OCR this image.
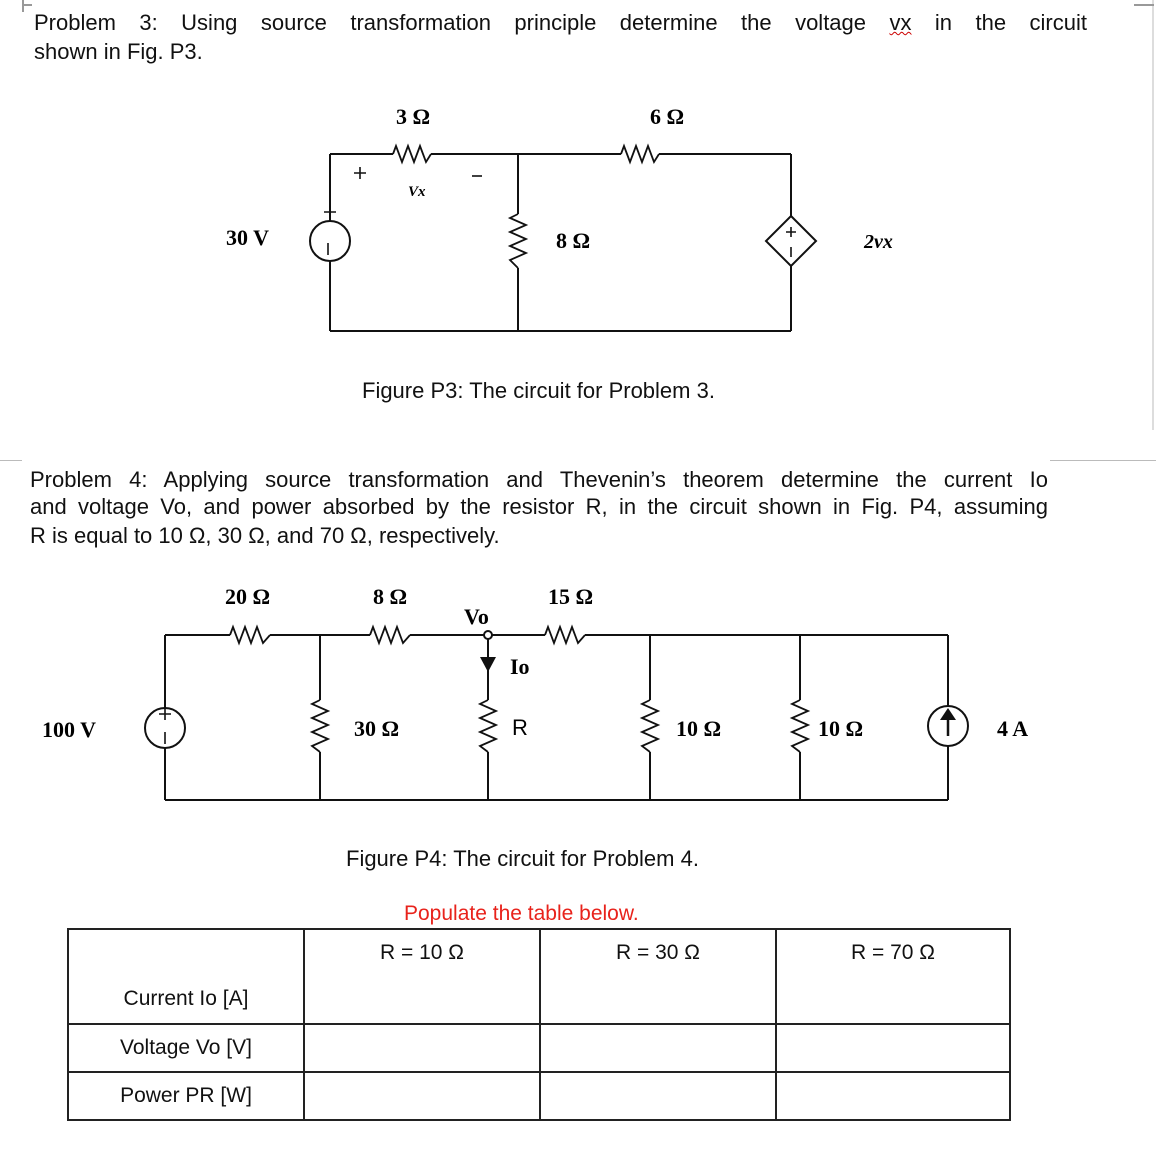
Problem 3: Using source transformation principle determine the voltage vx in the circuit
shown in Fig. P3.
30 V
3 Ω
Vx
6 Ω
8 Ω	2vx
Figure P3: The circuit for Problem 3.
Problem 4: Applying source transformation and Thevenin’s theorem determine the current Io
and voltage Vo, and power absorbed by the resistor R, in the circuit shown in Fig. P4, assuming
R is equal to 10 Ω, 30 Ω, and 70 Ω, respectively.
100 V
20 Ω	8 Ω	15 Ω
Vo
Io
30 Ω	R	10 Ω	10 Ω	4 A
Figure P4: The circuit for Problem 4.
Populate the table below.
	R = 10 Ω	R = 30 Ω	R = 70 Ω
Current Io [A]			
Voltage Vo [V]			
Power PR [W]			
